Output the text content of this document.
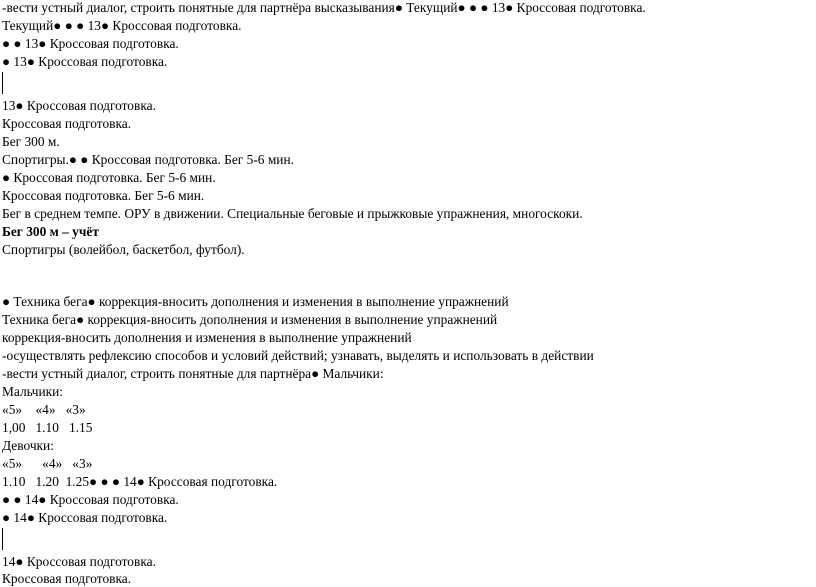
-вести устный диалог, строить понятные для партнёра высказывания● Текущий● ● ● 13● Кроссовая подготовка.
Текущий● ● ● 13● Кроссовая подготовка.
● ● 13● Кроссовая подготовка.
● 13● Кроссовая подготовка.
13● Кроссовая подготовка.
Кроссовая подготовка.
Бег 300 м.
Спортигры.● ● Кроссовая подготовка. Бег 5-6 мин.
● Кроссовая подготовка. Бег 5-6 мин.
Кроссовая подготовка. Бег 5-6 мин.
Бег в среднем темпе. ОРУ в движении. Специальные беговые и прыжковые упражнения, многоскоки.
Бег 300 м – учёт
Спортигры (волейбол, баскетбол, футбол).
● Техника бега● коррекция-вносить дополнения и изменения в выполнение упражнений
Техника бега● коррекция-вносить дополнения и изменения в выполнение упражнений
коррекция-вносить дополнения и изменения в выполнение упражнений
-осуществлять рефлексию способов и условий действий; узнавать, выделять и использовать в действии
-вести устный диалог, строить понятные для партнёра● Мальчики:
Мальчики:
«5»    «4»   «3»
1,00   1.10   1.15
Девочки:
«5»      «4»   «3»
1.10   1.20  1.25● ● ● 14● Кроссовая подготовка.
● ● 14● Кроссовая подготовка.
● 14● Кроссовая подготовка.
14● Кроссовая подготовка.
Кроссовая подготовка.
